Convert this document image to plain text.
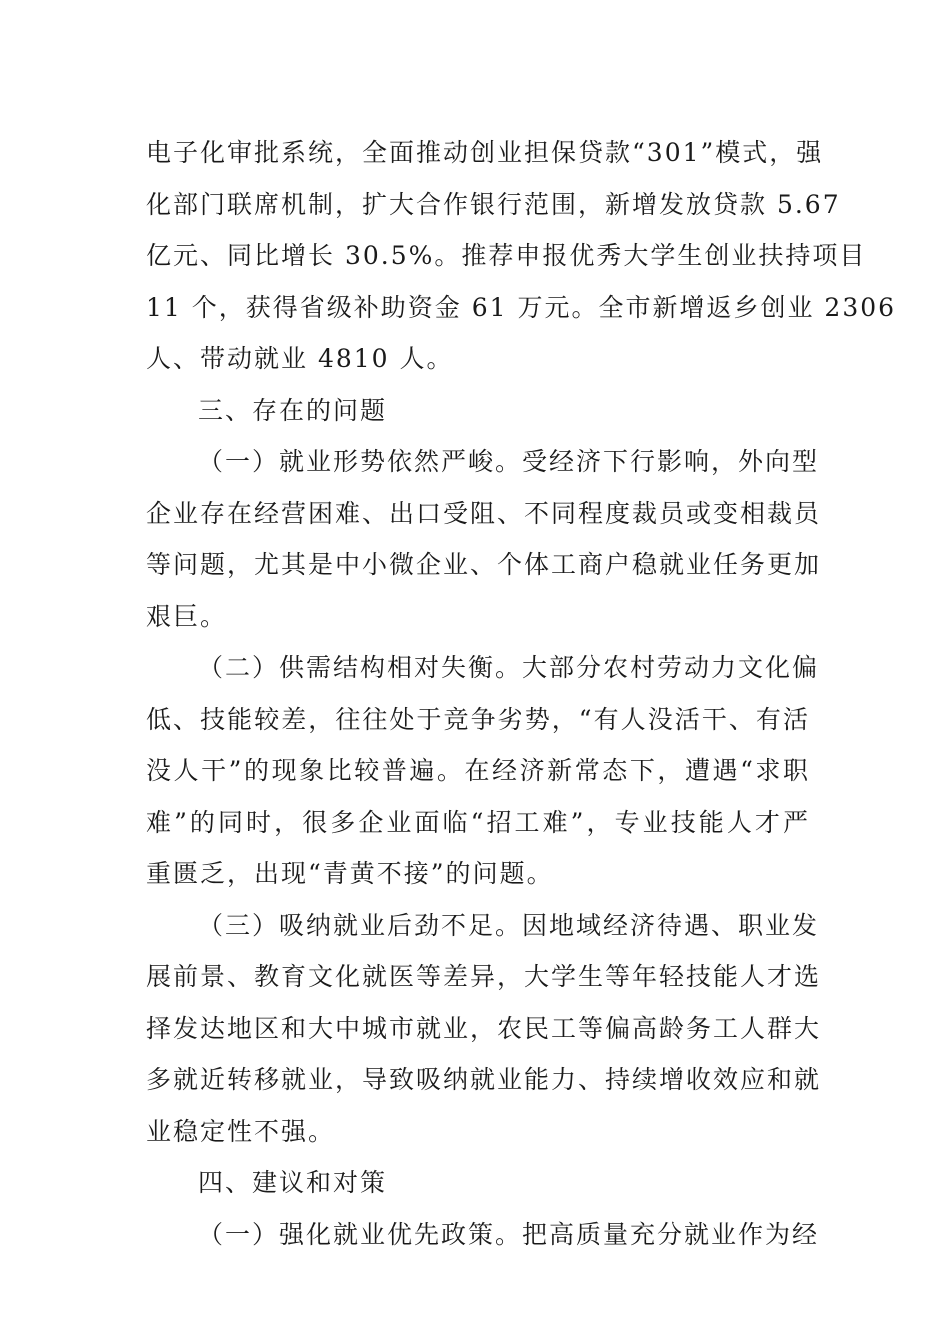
电子化审批系统，全面推动创业担保贷款“301”模式，强
化部门联席机制，扩大合作银行范围，新增发放贷款 5.67
亿元、同比增长 30.5%。推荐申报优秀大学生创业扶持项目
11 个，获得省级补助资金 61 万元。全市新增返乡创业 2306
人、带动就业 4810 人。
三、存在的问题
（一）就业形势依然严峻。受经济下行影响，外向型
企业存在经营困难、出口受阻、不同程度裁员或变相裁员
等问题，尤其是中小微企业、个体工商户稳就业任务更加
艰巨。
（二）供需结构相对失衡。大部分农村劳动力文化偏
低、技能较差，往往处于竞争劣势，“有人没活干、有活
没人干”的现象比较普遍。在经济新常态下，遭遇“求职
难”的同时，很多企业面临“招工难”，专业技能人才严
重匮乏，出现“青黄不接”的问题。
（三）吸纳就业后劲不足。因地域经济待遇、职业发
展前景、教育文化就医等差异，大学生等年轻技能人才选
择发达地区和大中城市就业，农民工等偏高龄务工人群大
多就近转移就业，导致吸纳就业能力、持续增收效应和就
业稳定性不强。
四、建议和对策
（一）强化就业优先政策。把高质量充分就业作为经
